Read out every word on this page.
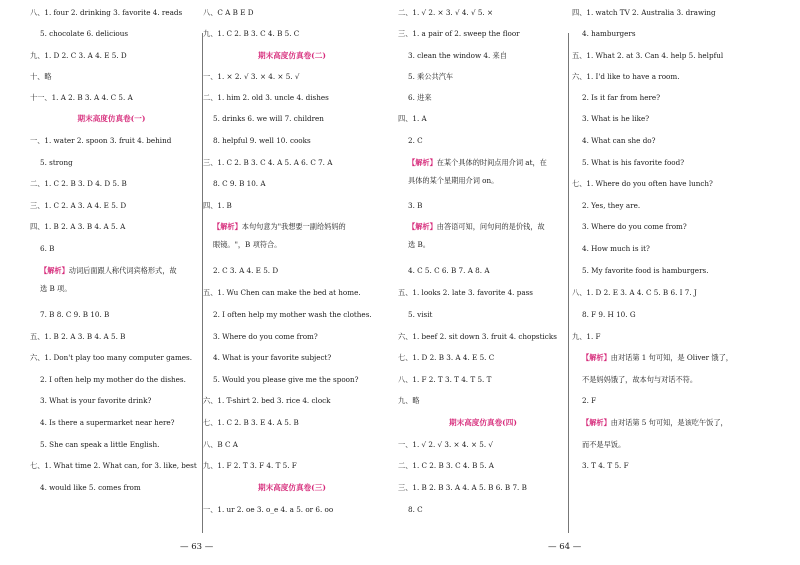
八、1. four 2. drinking 3. favorite 4. reads
5. chocolate 6. delicious
九、1. D 2. C 3. A 4. E 5. D
十、略
十一、1. A 2. B 3. A 4. C 5. A
期末高度仿真卷(一)
一、1. water 2. spoon 3. fruit 4. behind
5. strong
二、1. C 2. B 3. D 4. D 5. B
三、1. C 2. A 3. A 4. E 5. D
四、1. B 2. A 3. B 4. A 5. A
6. B
【解析】动词后面跟人称代词宾格形式，故
选 B 项。
7. B 8. C 9. B 10. B
五、1. B 2. A 3. B 4. A 5. B
六、1. Don't play too many computer games.
2. I often help my mother do the dishes.
3. What is your favorite drink?
4. Is there a supermarket near here?
5. She can speak a little English.
七、1. What time 2. What can, for 3. like, best
4. would like 5. comes from
八、C A B E D
九、1. C 2. B 3. C 4. B 5. C
期末高度仿真卷(二)
一、1. × 2. √ 3. × 4. × 5. √
二、1. him 2. old 3. uncle 4. dishes
5. drinks 6. we will 7. children
8. helpful 9. well 10. cooks
三、1. C 2. B 3. C 4. A 5. A 6. C 7. A
8. C 9. B 10. A
四、1. B
【解析】本句句意为"我想要一副给妈妈的
眼镜。"，B 项符合。
2. C 3. A 4. E 5. D
五、1. Wu Chen can make the bed at home.
2. I often help my mother wash the clothes.
3. Where do you come from?
4. What is your favorite subject?
5. Would you please give me the spoon?
六、1. T-shirt 2. bed 3. rice 4. clock
七、1. C 2. B 3. E 4. A 5. B
八、B C A
九、1. F 2. T 3. F 4. T 5. F
期末高度仿真卷(三)
一、1. ur 2. oe 3. o_e 4. a 5. or 6. oo
二、1. √ 2. × 3. √ 4. √ 5. ×
三、1. a pair of 2. sweep the floor
3. clean the window 4. 来自
5. 乘公共汽车
6. 进来
四、1. A
2. C
【解析】在某个具体的时间点用介词 at，在
具体的某个星期用介词 on。
3. B
【解析】由答语可知，问句问的是价钱，故
选 B。
4. C 5. C 6. B 7. A 8. A
五、1. looks 2. late 3. favorite 4. pass
5. visit
六、1. beef 2. sit down 3. fruit 4. chopsticks
七、1. D 2. B 3. A 4. E 5. C
八、1. F 2. T 3. T 4. T 5. T
九、略
期末高度仿真卷(四)
一、1. √ 2. √ 3. × 4. × 5. √
二、1. C 2. B 3. C 4. B 5. A
三、1. B 2. B 3. A 4. A 5. B 6. B 7. B
8. C
四、1. watch TV 2. Australia 3. drawing
4. hamburgers
五、1. What 2. at 3. Can 4. help 5. helpful
六、1. I'd like to have a room.
2. Is it far from here?
3. What is he like?
4. What can she do?
5. What is his favorite food?
七、1. Where do you often have lunch?
2. Yes, they are.
3. Where do you come from?
4. How much is it?
5. My favorite food is hamburgers.
八、1. D 2. E 3. A 4. C 5. B 6. I 7. J
8. F 9. H 10. G
九、1. F
【解析】由对话第 1 句可知，是 Oliver 饿了，
不是妈妈饿了，故本句与对话不符。
2. F
【解析】由对话第 5 句可知，是该吃午饭了，
而不是早饭。
3. T 4. T 5. F
— 63 —	— 64 —
